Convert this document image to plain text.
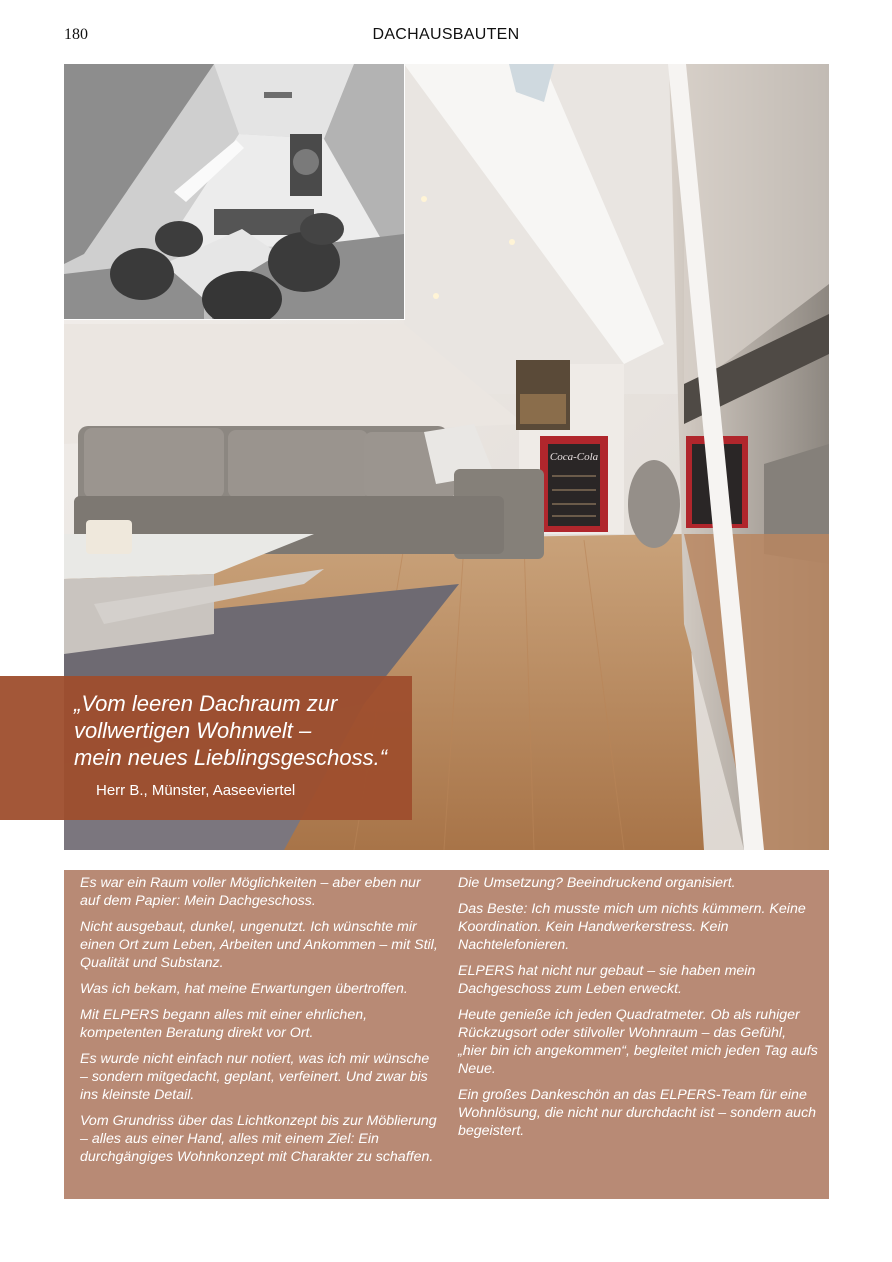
180	DACHAUSBAUTEN
Coca-Cola
„Vom leeren Dachraum zur
vollwertigen Wohnwelt –
mein neues Lieblingsgeschoss.“
Herr B., Münster, Aaseeviertel

Es war ein Raum voller Möglichkeiten – aber eben nur auf dem Papier: Mein Dachgeschoss.

Nicht ausgebaut, dunkel, ungenutzt. Ich wünschte mir einen Ort zum Leben, Arbeiten und Ankommen – mit Stil, Qualität und Substanz.

Was ich bekam, hat meine Erwartungen übertroffen.

Mit ELPERS begann alles mit einer ehrlichen, kompetenten Beratung direkt vor Ort.

Es wurde nicht einfach nur notiert, was ich mir wünsche – sondern mitgedacht, geplant, verfeinert. Und zwar bis ins kleinste Detail.

Vom Grundriss über das Lichtkonzept bis zur Möblierung – alles aus einer Hand, alles mit einem Ziel: Ein durchgängiges Wohnkonzept mit Charakter zu schaffen.

Die Umsetzung? Beeindruckend organisiert.

Das Beste: Ich musste mich um nichts kümmern. Keine Koordination. Kein Handwerkerstress. Kein Nachtelefonieren.

ELPERS hat nicht nur gebaut – sie haben mein Dachgeschoss zum Leben erweckt.

Heute genieße ich jeden Quadratmeter. Ob als ruhiger Rückzugsort oder stilvoller Wohnraum – das Gefühl, „hier bin ich angekommen“, begleitet mich jeden Tag aufs Neue.

Ein großes Dankeschön an das ELPERS-Team für eine Wohnlösung, die nicht nur durchdacht ist – sondern auch begeistert.
